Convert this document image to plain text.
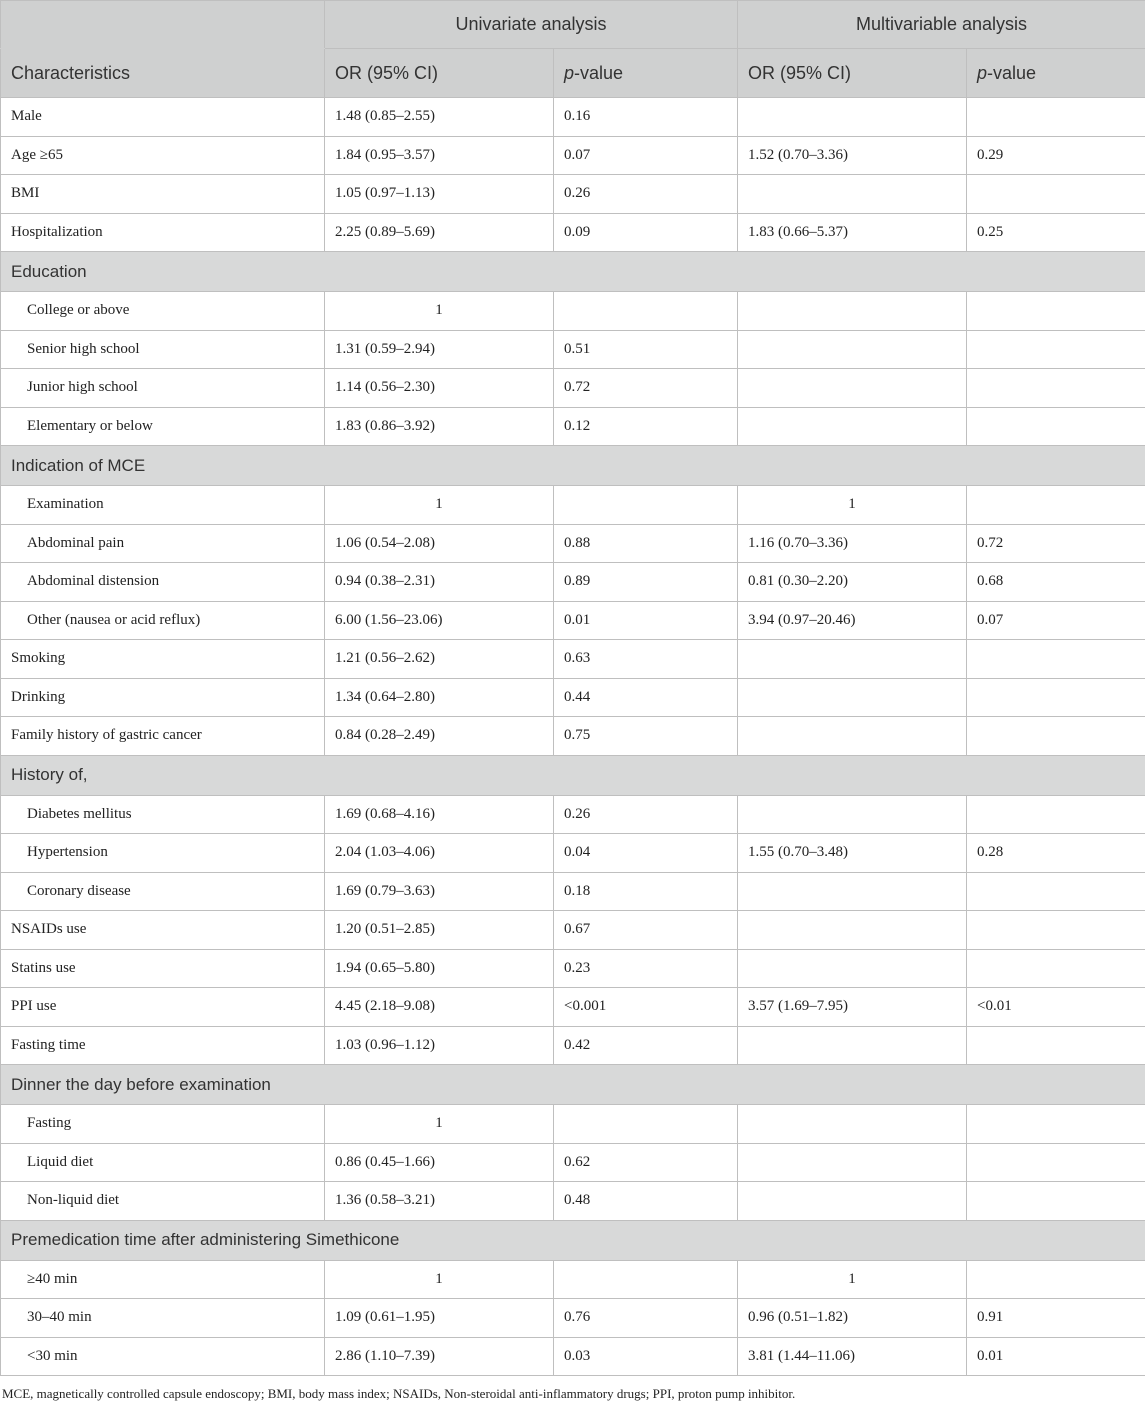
	Univariate analysis		Multivariable analysis	
Characteristics	OR (95% CI)	p-value	OR (95% CI)	p-value
Male	1.48 (0.85–2.55)	0.16		
Age ≥65	1.84 (0.95–3.57)	0.07	1.52 (0.70–3.36)	0.29
BMI	1.05 (0.97–1.13)	0.26		
Hospitalization	2.25 (0.89–5.69)	0.09	1.83 (0.66–5.37)	0.25
Education				
College or above	1			
Senior high school	1.31 (0.59–2.94)	0.51		
Junior high school	1.14 (0.56–2.30)	0.72		
Elementary or below	1.83 (0.86–3.92)	0.12		
Indication of MCE				
Examination	1		1	
Abdominal pain	1.06 (0.54–2.08)	0.88	1.16 (0.70–3.36)	0.72
Abdominal distension	0.94 (0.38–2.31)	0.89	0.81 (0.30–2.20)	0.68
Other (nausea or acid reflux)	6.00 (1.56–23.06)	0.01	3.94 (0.97–20.46)	0.07
Smoking	1.21 (0.56–2.62)	0.63		
Drinking	1.34 (0.64–2.80)	0.44		
Family history of gastric cancer	0.84 (0.28–2.49)	0.75		
History of,				
Diabetes mellitus	1.69 (0.68–4.16)	0.26		
Hypertension	2.04 (1.03–4.06)	0.04	1.55 (0.70–3.48)	0.28
Coronary disease	1.69 (0.79–3.63)	0.18		
NSAIDs use	1.20 (0.51–2.85)	0.67		
Statins use	1.94 (0.65–5.80)	0.23		
PPI use	4.45 (2.18–9.08)	<0.001	3.57 (1.69–7.95)	<0.01
Fasting time	1.03 (0.96–1.12)	0.42		
Dinner the day before examination				
Fasting	1			
Liquid diet	0.86 (0.45–1.66)	0.62		
Non-liquid diet	1.36 (0.58–3.21)	0.48		
Premedication time after administering Simethicone				
≥40 min	1		1	
30–40 min	1.09 (0.61–1.95)	0.76	0.96 (0.51–1.82)	0.91
<30 min	2.86 (1.10–7.39)	0.03	3.81 (1.44–11.06)	0.01
MCE, magnetically controlled capsule endoscopy; BMI, body mass index; NSAIDs, Non-steroidal anti-inflammatory drugs; PPI, proton pump inhibitor.
